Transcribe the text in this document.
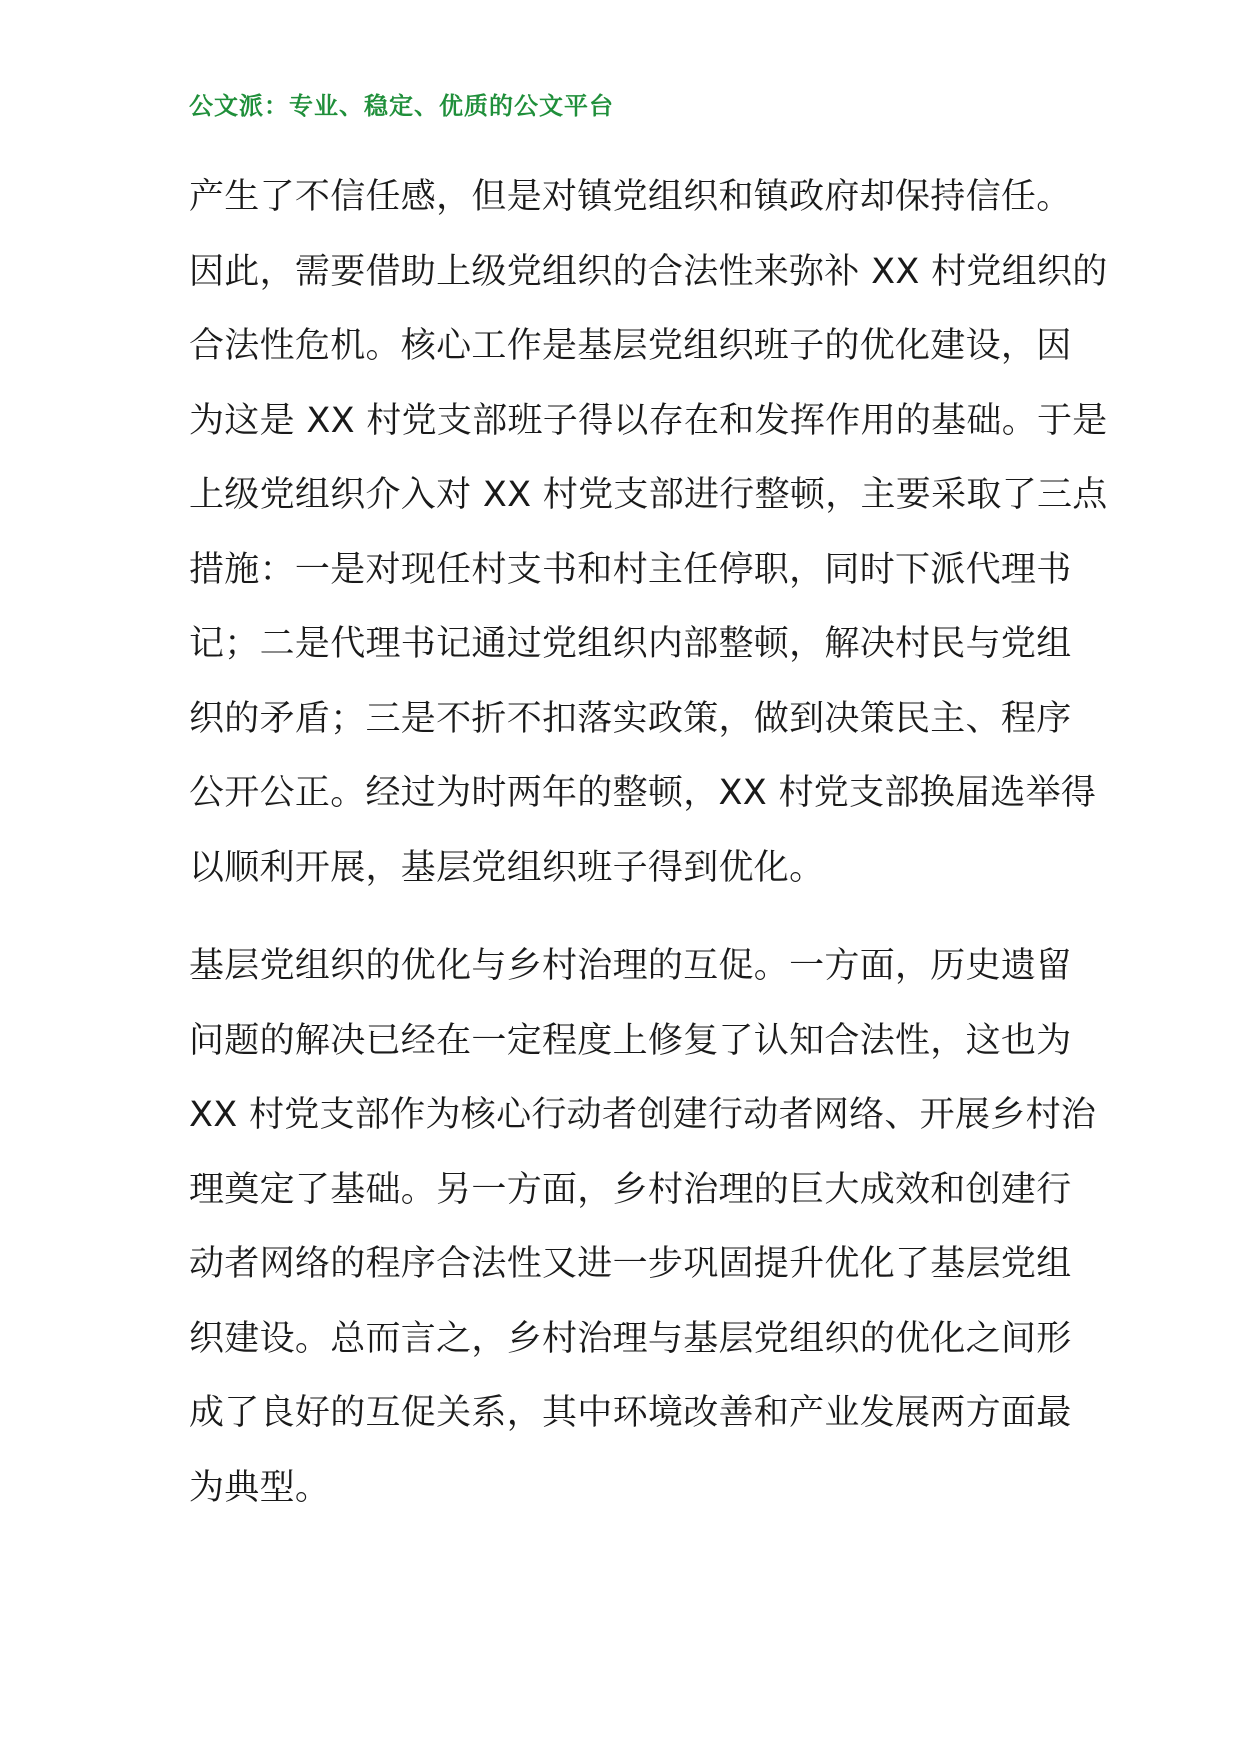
公文派：专业、稳定、优质的公文平台
产生了不信任感，但是对镇党组织和镇政府却保持信任。
因此，需要借助上级党组织的合法性来弥补 XX 村党组织的
合法性危机。核心工作是基层党组织班子的优化建设，因
为这是 XX 村党支部班子得以存在和发挥作用的基础。于是
上级党组织介入对 XX 村党支部进行整顿，主要采取了三点
措施：一是对现任村支书和村主任停职，同时下派代理书
记；二是代理书记通过党组织内部整顿，解决村民与党组
织的矛盾；三是不折不扣落实政策，做到决策民主、程序
公开公正。经过为时两年的整顿，XX 村党支部换届选举得
以顺利开展，基层党组织班子得到优化。
基层党组织的优化与乡村治理的互促。一方面，历史遗留
问题的解决已经在一定程度上修复了认知合法性，这也为
XX 村党支部作为核心行动者创建行动者网络、开展乡村治
理奠定了基础。另一方面，乡村治理的巨大成效和创建行
动者网络的程序合法性又进一步巩固提升优化了基层党组
织建设。总而言之，乡村治理与基层党组织的优化之间形
成了良好的互促关系，其中环境改善和产业发展两方面最
为典型。
